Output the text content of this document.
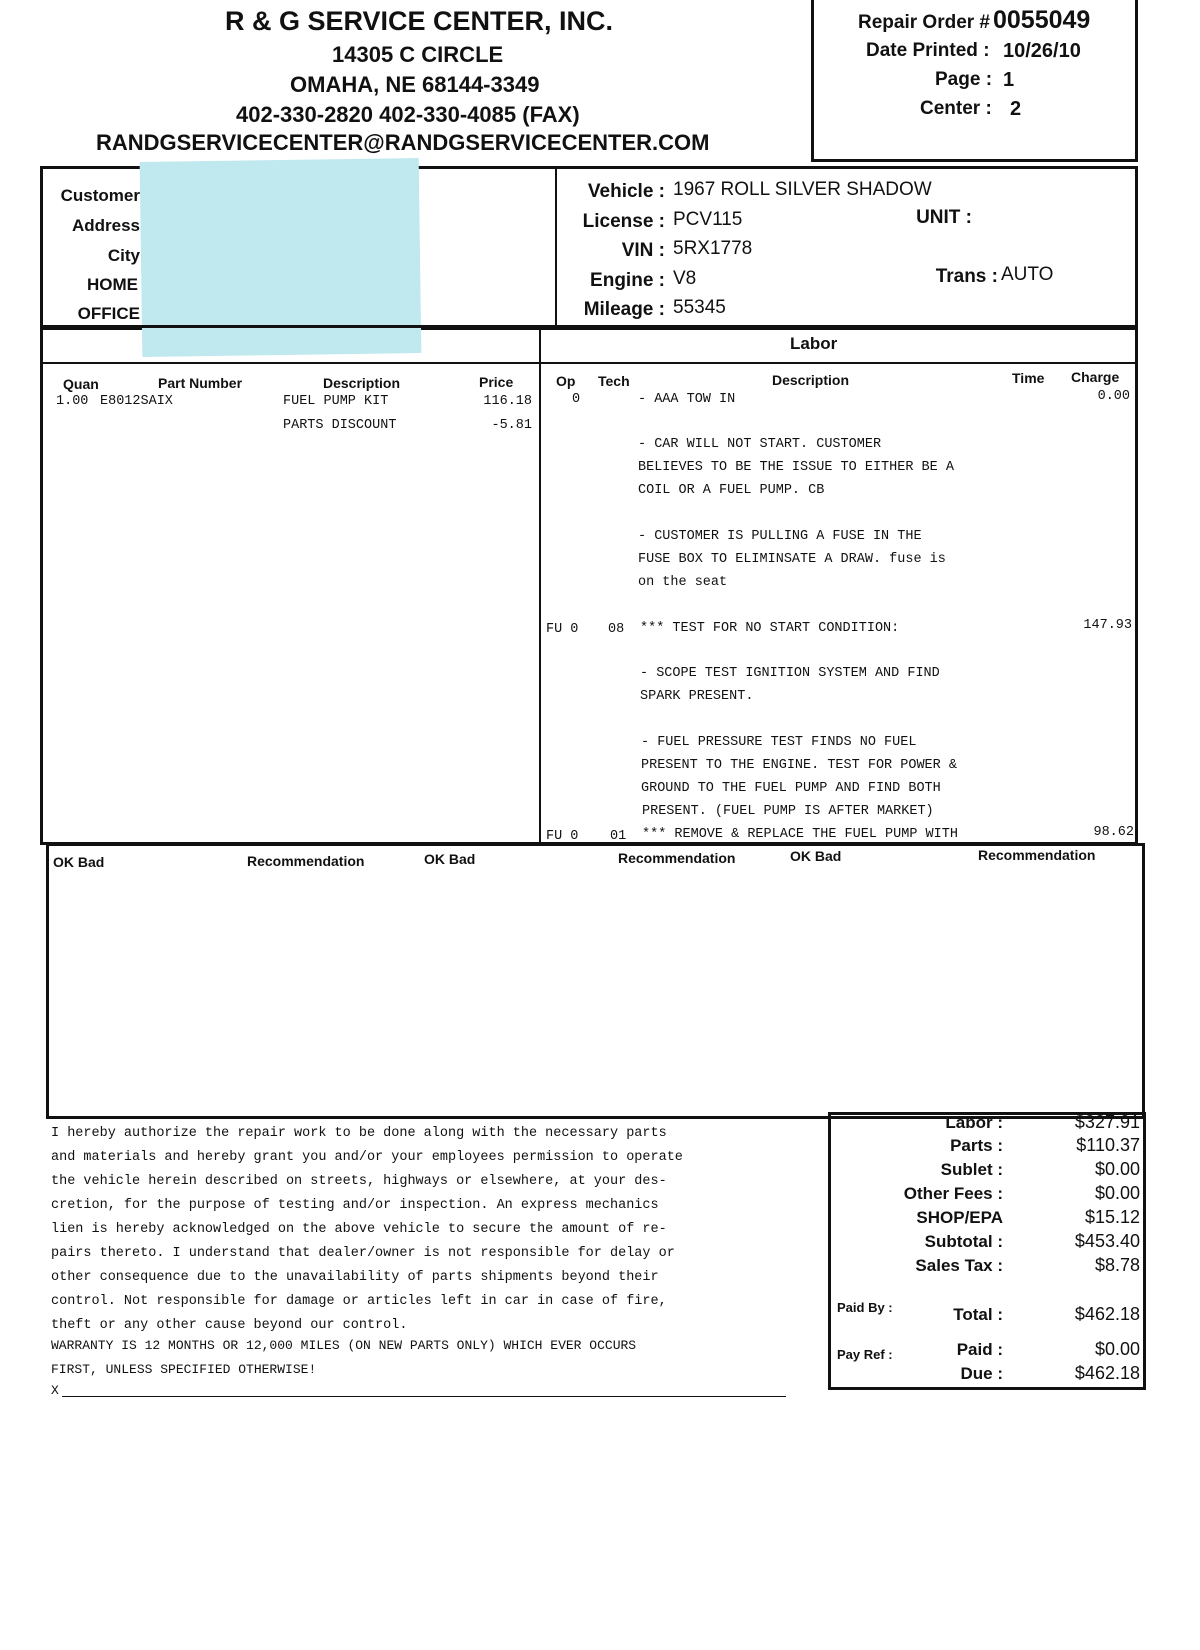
R & G SERVICE CENTER, INC.
14305 C CIRCLE
OMAHA, NE 68144-3349
402-330-2820 402-330-4085 (FAX)
RANDGSERVICECENTER@RANDGSERVICECENTER.COM
Repair Order # 0055049
Date Printed : 10/26/10
Page : 1
Center : 2
Customer
Address
City
HOME
OFFICE
Vehicle : 1967 ROLL SILVER SHADOW
License : PCV115	UNIT :
VIN : 5RX1778
Engine : V8	Trans : AUTO
Mileage : 55345
Labor
Quan	Part Number	Description	Price
1.00 E8012SAIX	FUEL PUMP KIT	116.18
PARTS DISCOUNT	-5.81
Op Tech	Description	Time Charge
0	- AAA TOW IN	0.00
- CAR WILL NOT START. CUSTOMER
BELIEVES TO BE THE ISSUE TO EITHER BE A
COIL OR A FUEL PUMP. CB
- CUSTOMER IS PULLING A FUSE IN THE
FUSE BOX TO ELIMINSATE A DRAW. fuse is
on the seat
FU 0 08 *** TEST FOR NO START CONDITION:	147.93
- SCOPE TEST IGNITION SYSTEM AND FIND
SPARK PRESENT.
- FUEL PRESSURE TEST FINDS NO FUEL
PRESENT TO THE ENGINE. TEST FOR POWER &
GROUND TO THE FUEL PUMP AND FIND BOTH
PRESENT. (FUEL PUMP IS AFTER MARKET)
FU 0 01 *** REMOVE & REPLACE THE FUEL PUMP WITH	98.62
OK Bad	Recommendation	OK Bad	Recommendation	OK Bad	Recommendation
I hereby authorize the repair work to be done along with the necessary parts
and materials and hereby grant you and/or your employees permission to operate
the vehicle herein described on streets, highways or elsewhere, at your des-
cretion, for the purpose of testing and/or inspection. An express mechanics
lien is hereby acknowledged on the above vehicle to secure the amount of re-
pairs thereto. I understand that dealer/owner is not responsible for delay or
other consequence due to the unavailability of parts shipments beyond their
control. Not responsible for damage or articles left in car in case of fire,
theft or any other cause beyond our control.
WARRANTY IS 12 MONTHS OR 12,000 MILES (ON NEW PARTS ONLY) WHICH EVER OCCURS
FIRST, UNLESS SPECIFIED OTHERWISE!
X
Labor :	$327.91
Parts :	$110.37
Sublet :	$0.00
Other Fees :	$0.00
SHOP/EPA	$15.12
Subtotal :	$453.40
Sales Tax :	$8.78
Paid By :	Total :	$462.18
Pay Ref :	Paid :	$0.00
Due :	$462.18
